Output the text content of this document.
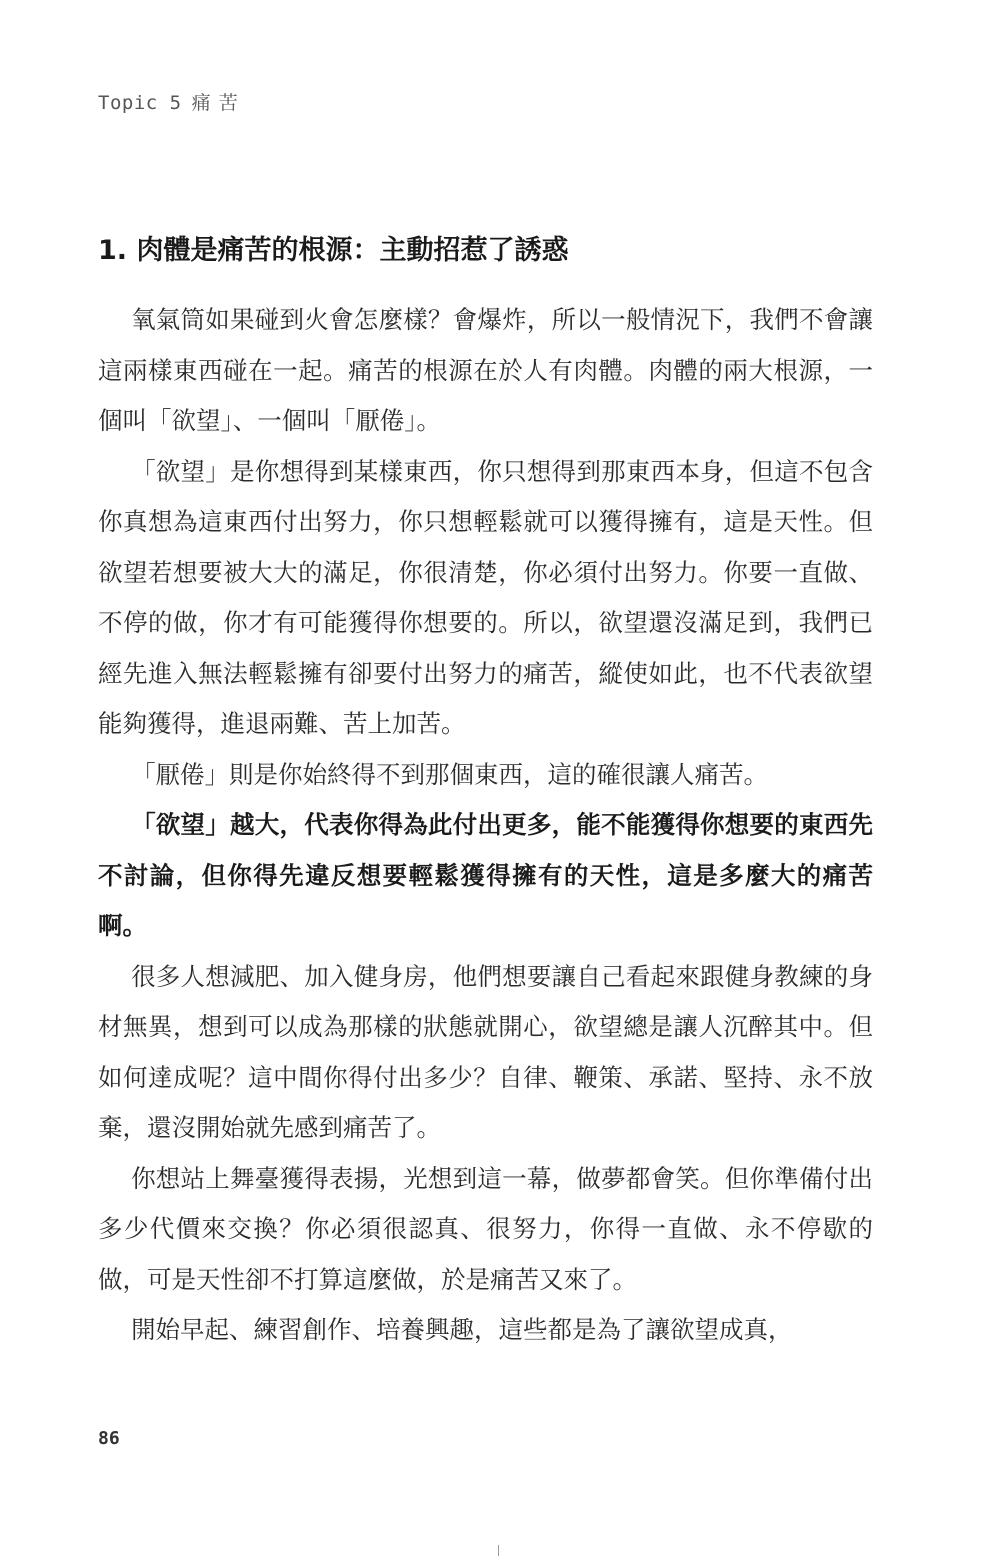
Topic 5 痛苦
1. 肉體是痛苦的根源：主動招惹了誘惑

氧氣筒如果碰到火會怎麼樣？會爆炸，所以一般情況下，我們不會讓這兩樣東西碰在一起。痛苦的根源在於人有肉體。肉體的兩大根源，一個叫「欲望」、一個叫「厭倦」。

「欲望」是你想得到某樣東西，你只想得到那東西本身，但這不包含你真想為這東西付出努力，你只想輕鬆就可以獲得擁有，這是天性。但欲望若想要被大大的滿足，你很清楚，你必須付出努力。你要一直做、不停的做，你才有可能獲得你想要的。所以，欲望還沒滿足到，我們已經先進入無法輕鬆擁有卻要付出努力的痛苦，縱使如此，也不代表欲望能夠獲得，進退兩難、苦上加苦。

「厭倦」則是你始終得不到那個東西，這的確很讓人痛苦。

「欲望」越大，代表你得為此付出更多，能不能獲得你想要的東西先不討論，但你得先違反想要輕鬆獲得擁有的天性，這是多麼大的痛苦啊。

很多人想減肥、加入健身房，他們想要讓自己看起來跟健身教練的身材無異，想到可以成為那樣的狀態就開心，欲望總是讓人沉醉其中。但如何達成呢？這中間你得付出多少？自律、鞭策、承諾、堅持、永不放棄，還沒開始就先感到痛苦了。

你想站上舞臺獲得表揚，光想到這一幕，做夢都會笑。但你準備付出多少代價來交換？你必須很認真、很努力，你得一直做、永不停歇的做，可是天性卻不打算這麼做，於是痛苦又來了。

開始早起、練習創作、培養興趣，這些都是為了讓欲望成真，

86
